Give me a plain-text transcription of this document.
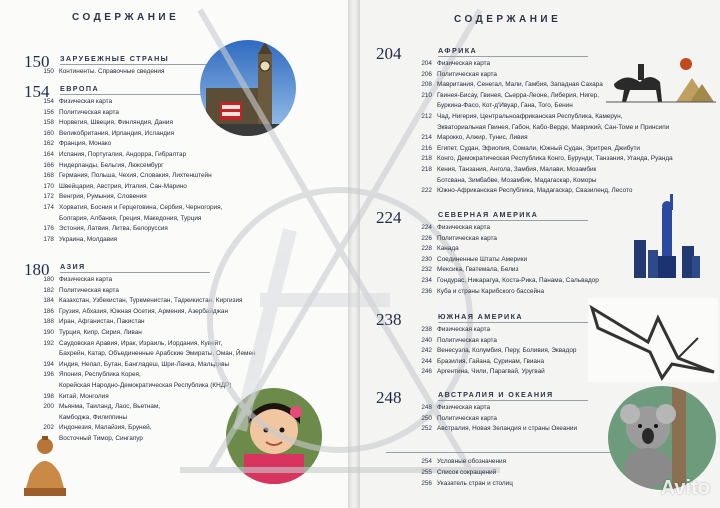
СОДЕРЖАНИЕ
150 ЗАРУБЕЖНЫЕ СТРАНЫ
150 Континенты. Справочные сведения
154 ЕВРОПА
154 Физическая карта
156 Политическая карта
158 Норвегия, Швеция, Финляндия, Дания
160 Великобритания, Ирландия, Исландия
162 Франция, Монако
164 Испания, Португалия, Андорра, Гибралтар
166 Нидерланды, Бельгия, Люксембург
168 Германия, Польша, Чехия, Словакия, Лихтенштейн
170 Швейцария, Австрия, Италия, Сан-Марино
172 Венгрия, Румыния, Словения
174 Хорватия, Босния и Герцеговина, Сербия, Черногория,
Болгария, Албания, Греция, Македония, Турция
176 Эстония, Латвия, Литва, Белоруссия
178 Украина, Молдавия
180 АЗИЯ
180 Физическая карта
182 Политическая карта
184 Казахстан, Узбекистан, Туркменистан, Таджикистан, Киргизия
186 Грузия, Абхазия, Южная Осетия, Армения, Азербайджан
188 Иран, Афганистан, Пакистан
190 Турция, Кипр, Сирия, Ливан
192 Саудовская Аравия, Ирак, Израиль, Иордания, Кувейт,
Бахрейн, Катар, Объединенные Арабские Эмираты, Оман, Йемен
194 Индия, Непал, Бутан, Бангладеш, Шри-Ланка, Мальдивы
196 Япония, Республика Корея,
Корейская Народно-Демократическая Республика (КНДР)
198 Китай, Монголия
200 Мьянма, Таиланд, Лаос, Вьетнам,
Камбоджа, Филиппины
202 Индонезия, Малайзия, Бруней,
Восточный Тимор, Сингапур
СОДЕРЖАНИЕ
204	АФРИКА
204 Физическая карта
206 Политическая карта
208 Мавритания, Сенегал, Мали, Гамбия, Западная Сахара
210 Гвинея-Бисау, Гвинея, Сьерра-Леоне, Либерия, Нигер,
Буркина-Фасо, Кот-д'Ивуар, Гана, Того, Бенин
212 Чад, Нигерия, Центральноафриканская Республика, Камерун,
Экваториальная Гвинея, Габон, Кабо-Верде, Маврикий, Сан-Томе и Принсипи
214 Марокко, Алжир, Тунис, Ливия
216 Египет, Судан, Эфиопия, Сомали, Южный Судан, Эритрея, Джибути
218 Конго, Демократическая Республика Конго, Бурунди, Танзания, Уганда, Руанда
218 Кения, Танзания, Ангола, Замбия, Малави, Мозамбик
Ботсвана, Зимбабве, Мозамбик, Мадагаскар, Коморы
222 Южно-Африканская Республика, Мадагаскар, Свазиленд, Лесото
224	СЕВЕРНАЯ АМЕРИКА
224 Физическая карта
226 Политическая карта
228 Канада
230 Соединенные Штаты Америки
232 Мексика, Гватемала, Белиз
234 Гондурас, Никарагуа, Коста-Рика, Панама, Сальвадор
236 Куба и страны Карибского бассейна
238	ЮЖНАЯ АМЕРИКА
238 Физическая карта
240 Политическая карта
242 Венесуэла, Колумбия, Перу, Боливия, Эквадор
244 Бразилия, Гайана, Суринам, Гвиана
246 Аргентина, Чили, Парагвай, Уругвай
248	АВСТРАЛИЯ И ОКЕАНИЯ
248 Физическая карта
250 Политическая карта
252 Австралия, Новая Зеландия и страны Океании
254 Условные обозначения
255 Список сокращений
256 Указатель стран и столиц	Avito
